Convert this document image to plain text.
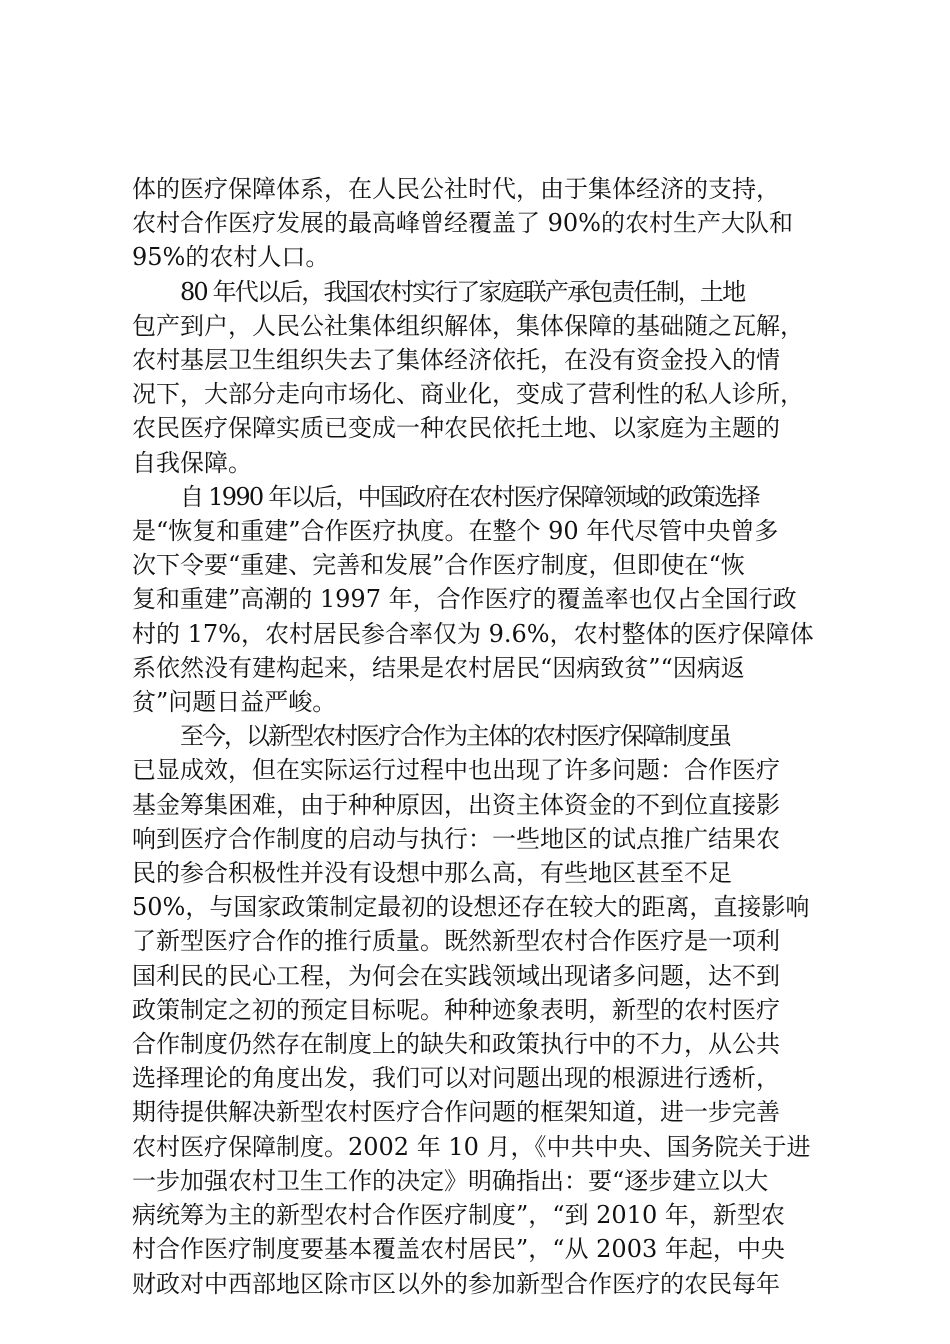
体的医疗保障体系，在人民公社时代，由于集体经济的支持，
农村合作医疗发展的最高峰曾经覆盖了 90%的农村生产大队和
95%的农村人口。

80 年代以后，我国农村实行了家庭联产承包责任制，土地
包产到户，人民公社集体组织解体，集体保障的基础随之瓦解，
农村基层卫生组织失去了集体经济依托，在没有资金投入的情
况下，大部分走向市场化、商业化，变成了营利性的私人诊所，
农民医疗保障实质已变成一种农民依托土地、以家庭为主题的
自我保障。

自 1990 年以后，中国政府在农村医疗保障领域的政策选择
是“恢复和重建”合作医疗执度。在整个 90 年代尽管中央曾多
次下令要“重建、完善和发展”合作医疗制度，但即使在“恢
复和重建”高潮的 1997 年，合作医疗的覆盖率也仅占全国行政
村的 17%，农村居民参合率仅为 9.6%，农村整体的医疗保障体
系依然没有建构起来，结果是农村居民“因病致贫”“因病返
贫”问题日益严峻。

至今，以新型农村医疗合作为主体的农村医疗保障制度虽
已显成效，但在实际运行过程中也出现了许多问题：合作医疗
基金筹集困难，由于种种原因，出资主体资金的不到位直接影
响到医疗合作制度的启动与执行：一些地区的试点推广结果农
民的参合积极性并没有设想中那么高，有些地区甚至不足
50%，与国家政策制定最初的设想还存在较大的距离，直接影响
了新型医疗合作的推行质量。既然新型农村合作医疗是一项利
国利民的民心工程，为何会在实践领域出现诸多问题，达不到
政策制定之初的预定目标呢。种种迹象表明，新型的农村医疗
合作制度仍然存在制度上的缺失和政策执行中的不力，从公共
选择理论的角度出发，我们可以对问题出现的根源进行透析，
期待提供解决新型农村医疗合作问题的框架知道，进一步完善
农村医疗保障制度。2002 年 10 月，《中共中央、国务院关于进
一步加强农村卫生工作的决定》明确指出：要“逐步建立以大
病统筹为主的新型农村合作医疗制度”，“到 2010 年，新型农
村合作医疗制度要基本覆盖农村居民”，“从 2003 年起，中央
财政对中西部地区除市区以外的参加新型合作医疗的农民每年
